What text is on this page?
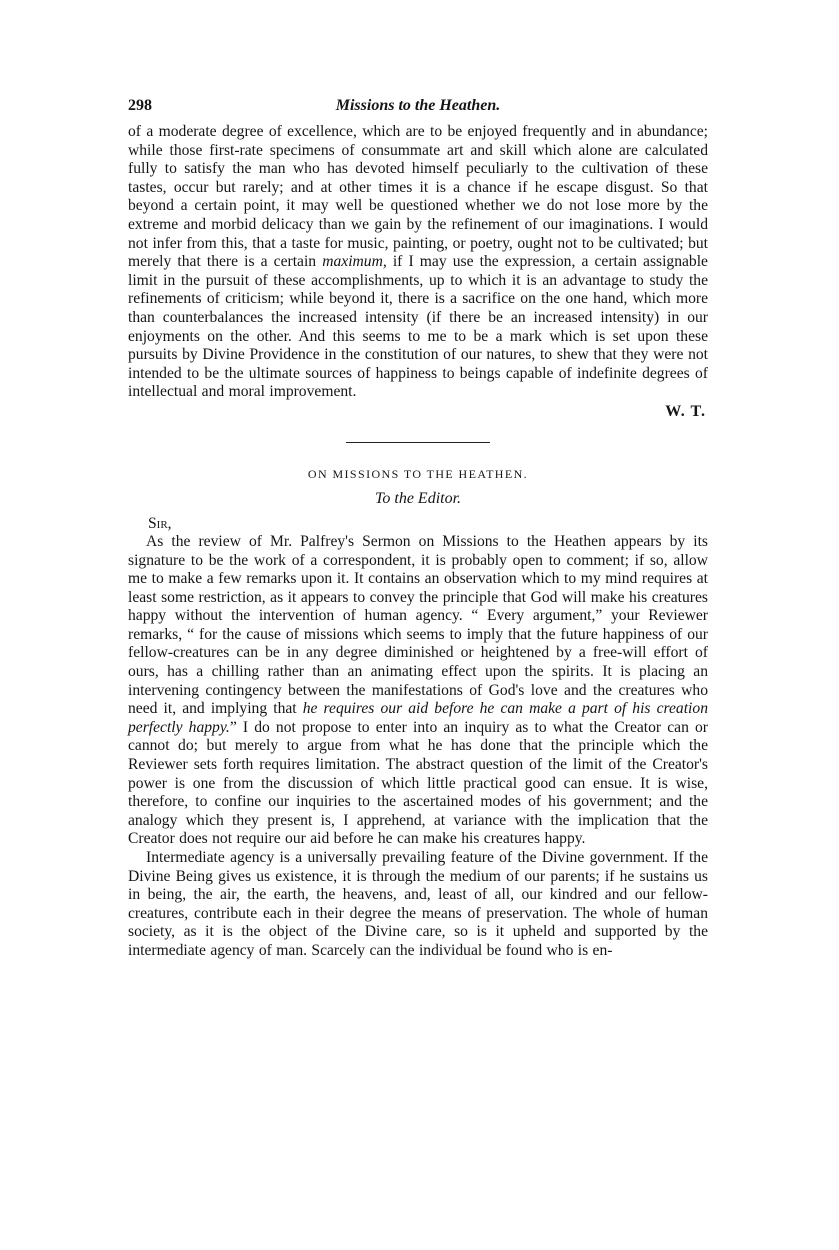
298	Missions to the Heathen.

of a moderate degree of excellence, which are to be enjoyed frequently and in abundance; while those first-rate specimens of consummate art and skill which alone are calculated fully to satisfy the man who has devoted himself peculiarly to the cultivation of these tastes, occur but rarely; and at other times it is a chance if he escape disgust. So that beyond a certain point, it may well be questioned whether we do not lose more by the extreme and morbid delicacy than we gain by the refinement of our imaginations. I would not infer from this, that a taste for music, painting, or poetry, ought not to be cultivated; but merely that there is a certain maximum, if I may use the expression, a certain assignable limit in the pursuit of these accomplishments, up to which it is an advantage to study the refinements of criticism; while beyond it, there is a sacrifice on the one hand, which more than counterbalances the increased intensity (if there be an increased intensity) in our enjoyments on the other. And this seems to me to be a mark which is set upon these pursuits by Divine Providence in the constitution of our natures, to shew that they were not intended to be the ultimate sources of happiness to beings capable of indefinite degrees of intellectual and moral improvement.

W. T.

ON MISSIONS TO THE HEATHEN.

To the Editor.

Sir,

As the review of Mr. Palfrey's Sermon on Missions to the Heathen appears by its signature to be the work of a correspondent, it is probably open to comment; if so, allow me to make a few remarks upon it. It contains an observation which to my mind requires at least some restriction, as it appears to convey the principle that God will make his creatures happy without the intervention of human agency. “ Every argument,” your Reviewer remarks, “ for the cause of missions which seems to imply that the future happiness of our fellow-creatures can be in any degree diminished or heightened by a free-will effort of ours, has a chilling rather than an animating effect upon the spirits. It is placing an intervening contingency between the manifestations of God's love and the creatures who need it, and implying that he requires our aid before he can make a part of his creation perfectly happy.” I do not propose to enter into an inquiry as to what the Creator can or cannot do; but merely to argue from what he has done that the principle which the Reviewer sets forth requires limitation. The abstract question of the limit of the Creator's power is one from the discussion of which little practical good can ensue. It is wise, therefore, to confine our inquiries to the ascertained modes of his government; and the analogy which they present is, I apprehend, at variance with the implication that the Creator does not require our aid before he can make his creatures happy.

Intermediate agency is a universally prevailing feature of the Divine government. If the Divine Being gives us existence, it is through the medium of our parents; if he sustains us in being, the air, the earth, the heavens, and, least of all, our kindred and our fellow-creatures, contribute each in their degree the means of preservation. The whole of human society, as it is the object of the Divine care, so is it upheld and supported by the intermediate agency of man. Scarcely can the individual be found who is en-
